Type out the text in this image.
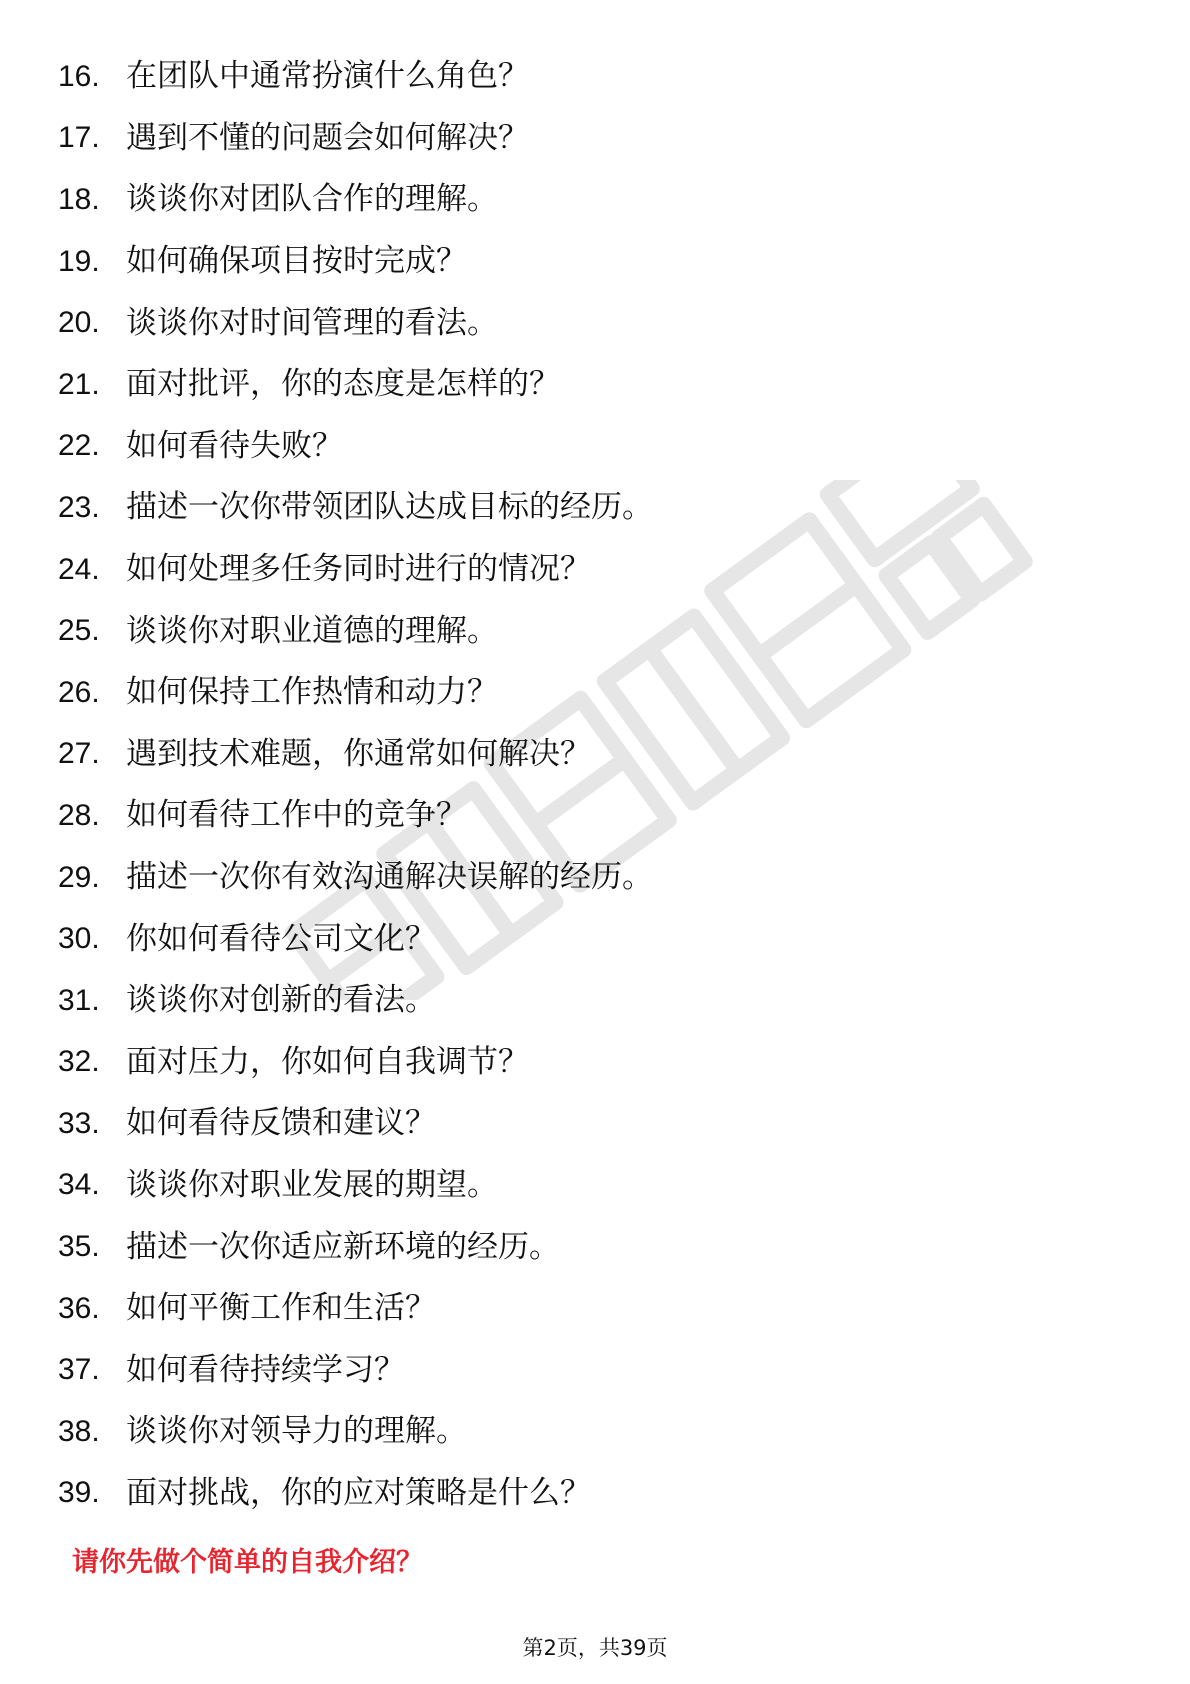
16. 在团队中通常扮演什么角色？
17. 遇到不懂的问题会如何解决？
18. 谈谈你对团队合作的理解。
19. 如何确保项目按时完成？
20. 谈谈你对时间管理的看法。
21. 面对批评，你的态度是怎样的？
22. 如何看待失败？
23. 描述一次你带领团队达成目标的经历。
24. 如何处理多任务同时进行的情况？
25. 谈谈你对职业道德的理解。
26. 如何保持工作热情和动力？
27. 遇到技术难题，你通常如何解决？
28. 如何看待工作中的竞争？
29. 描述一次你有效沟通解决误解的经历。
30. 你如何看待公司文化？
31. 谈谈你对创新的看法。
32. 面对压力，你如何自我调节？
33. 如何看待反馈和建议？
34. 谈谈你对职业发展的期望。
35. 描述一次你适应新环境的经历。
36. 如何平衡工作和生活？
37. 如何看待持续学习？
38. 谈谈你对领导力的理解。
39. 面对挑战，你的应对策略是什么？
请你先做个简单的自我介绍？
第2页，共39页
